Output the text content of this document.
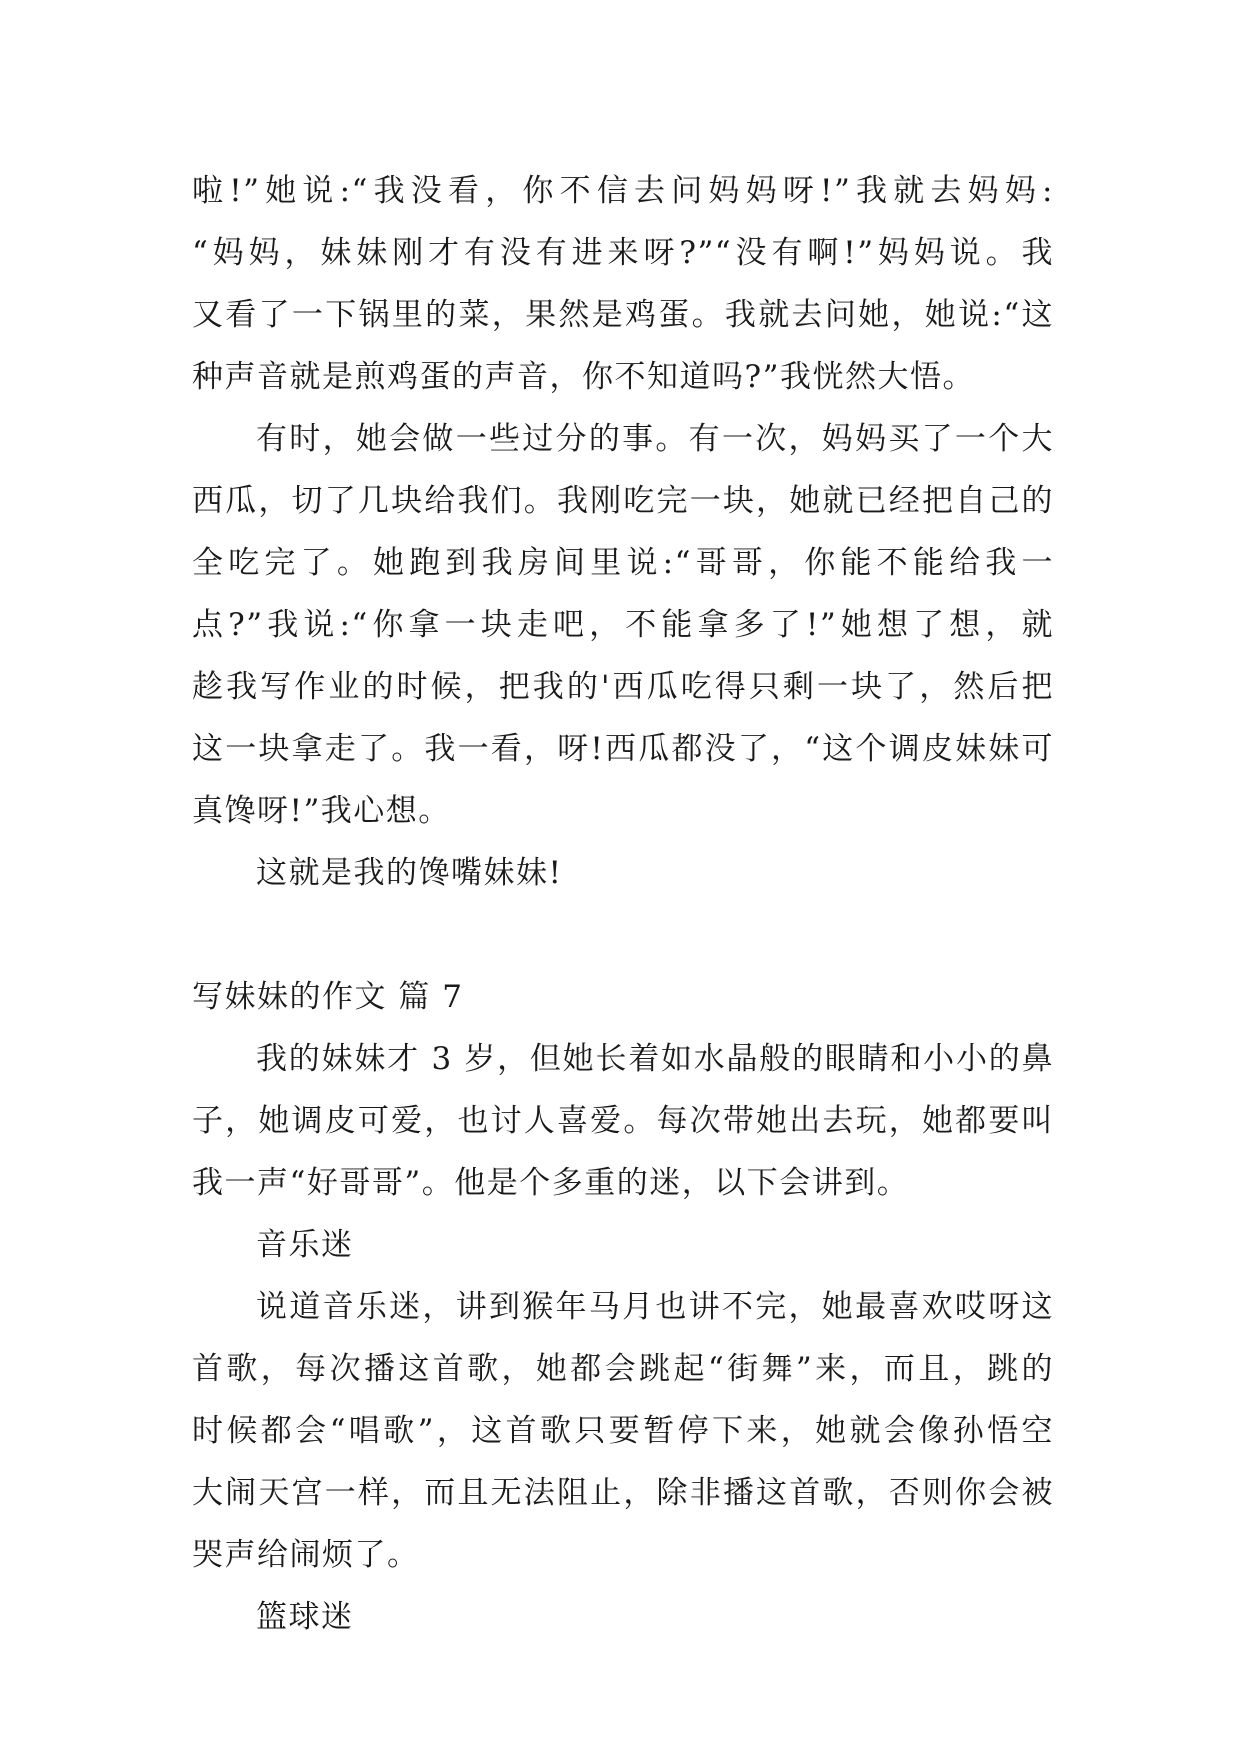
啦!”她说:“我没看，你不信去问妈妈呀!”我就去妈妈:
“妈妈，妹妹刚才有没有进来呀?”“没有啊!”妈妈说。我
又看了一下锅里的菜，果然是鸡蛋。我就去问她，她说:“这
种声音就是煎鸡蛋的声音，你不知道吗?”我恍然大悟。
有时，她会做一些过分的事。有一次，妈妈买了一个大
西瓜，切了几块给我们。我刚吃完一块，她就已经把自己的
全吃完了。她跑到我房间里说:“哥哥，你能不能给我一
点?”我说:“你拿一块走吧，不能拿多了!”她想了想，就
趁我写作业的时候，把我的'西瓜吃得只剩一块了，然后把
这一块拿走了。我一看，呀!西瓜都没了，“这个调皮妹妹可
真馋呀!”我心想。
这就是我的馋嘴妹妹!
写妹妹的作文 篇 7
我的妹妹才 3 岁，但她长着如水晶般的眼睛和小小的鼻
子，她调皮可爱，也讨人喜爱。每次带她出去玩，她都要叫
我一声“好哥哥”。他是个多重的迷，以下会讲到。
音乐迷
说道音乐迷，讲到猴年马月也讲不完，她最喜欢哎呀这
首歌，每次播这首歌，她都会跳起“街舞”来，而且，跳的
时候都会“唱歌”，这首歌只要暂停下来，她就会像孙悟空
大闹天宫一样，而且无法阻止，除非播这首歌，否则你会被
哭声给闹烦了。
篮球迷
